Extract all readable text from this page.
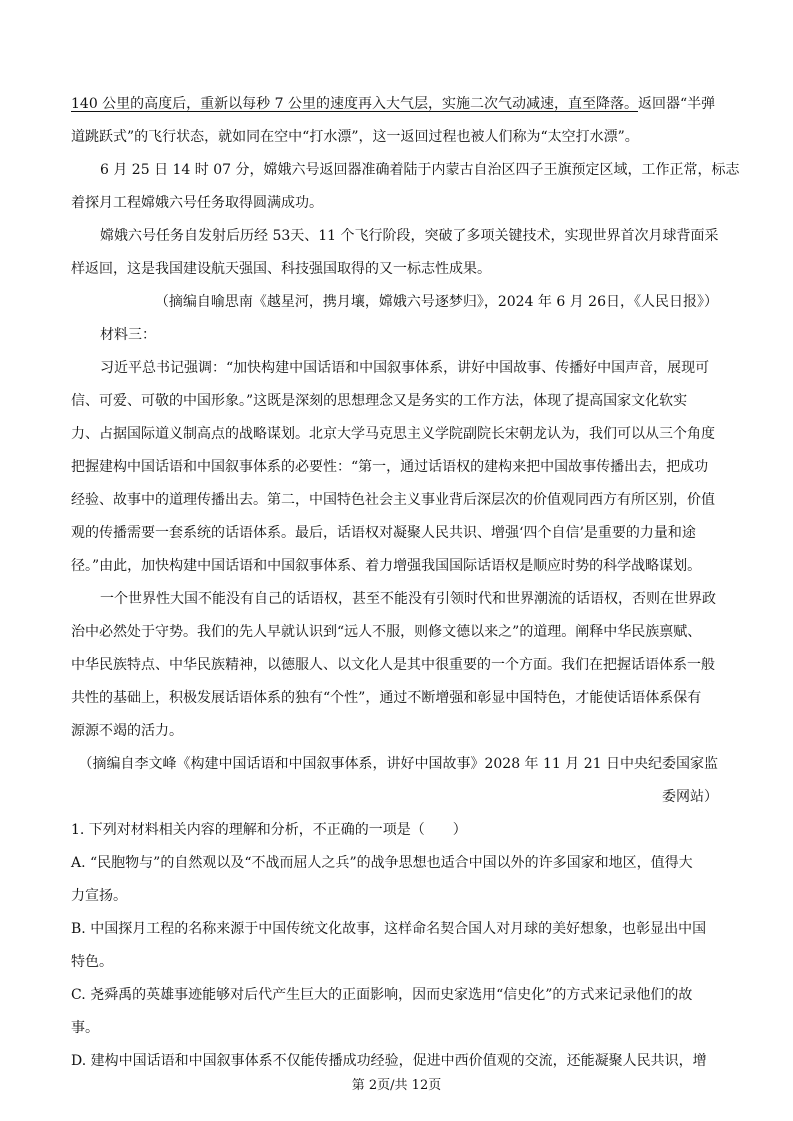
140 公里的高度后，重新以每秒 7 公里的速度再入大气层，实施二次气动减速，直至降落。返回器“半弹
道跳跃式”的飞行状态，就如同在空中“打水漂”，这一返回过程也被人们称为“太空打水漂”。
6 月 25 日 14 时 07 分，嫦娥六号返回器准确着陆于内蒙古自治区四子王旗预定区域，工作正常，标志
着探月工程嫦娥六号任务取得圆满成功。
嫦娥六号任务自发射后历经 53天、11 个飞行阶段，突破了多项关键技术，实现世界首次月球背面采
样返回，这是我国建设航天强国、科技强国取得的又一标志性成果。
（摘编自喻思南《越星河，携月壤，嫦娥六号逐梦归》，2024 年 6 月 26日，《人民日报》）
材料三：
习近平总书记强调：“加快构建中国话语和中国叙事体系，讲好中国故事、传播好中国声音，展现可
信、可爱、可敬的中国形象。”这既是深刻的思想理念又是务实的工作方法，体现了提高国家文化软实
力、占据国际道义制高点的战略谋划。北京大学马克思主义学院副院长宋朝龙认为，我们可以从三个角度
把握建构中国话语和中国叙事体系的必要性：“第一，通过话语权的建构来把中国故事传播出去，把成功
经验、故事中的道理传播出去。第二，中国特色社会主义事业背后深层次的价值观同西方有所区别，价值
观的传播需要一套系统的话语体系。最后，话语权对凝聚人民共识、增强‘四个自信’是重要的力量和途
径。”由此，加快构建中国话语和中国叙事体系、着力增强我国国际话语权是顺应时势的科学战略谋划。
一个世界性大国不能没有自己的话语权，甚至不能没有引领时代和世界潮流的话语权，否则在世界政
治中必然处于守势。我们的先人早就认识到“远人不服，则修文德以来之”的道理。阐释中华民族禀赋、
中华民族特点、中华民族精神，以德服人、以文化人是其中很重要的一个方面。我们在把握话语体系一般
共性的基础上，积极发展话语体系的独有“个性”，通过不断增强和彰显中国特色，才能使话语体系保有
源源不竭的活力。
（摘编自李文峰《构建中国话语和中国叙事体系，讲好中国故事》2028 年 11 月 21 日中央纪委国家监
委网站）
1. 下列对材料相关内容的理解和分析，不正确的一项是（　　）
A. “民胞物与”的自然观以及“不战而屈人之兵”的战争思想也适合中国以外的许多国家和地区，值得大
力宣扬。
B. 中国探月工程的名称来源于中国传统文化故事，这样命名契合国人对月球的美好想象，也彰显出中国
特色。
C. 尧舜禹的英雄事迹能够对后代产生巨大的正面影响，因而史家选用“信史化”的方式来记录他们的故
事。
D. 建构中国话语和中国叙事体系不仅能传播成功经验，促进中西价值观的交流，还能凝聚人民共识，增
第 2页/共 12页
